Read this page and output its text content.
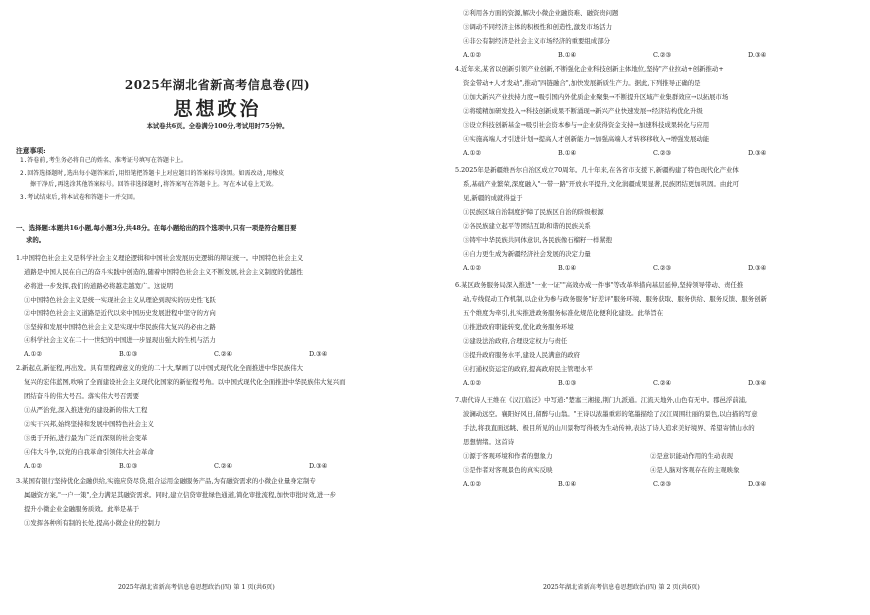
2025年湖北省新高考信息卷(四)
思想政治
本试卷共6页。全卷满分100分,考试用时75分钟。
注意事项:
1.答卷前,考生务必将自己的姓名、准考证号填写在答题卡上。
2.回答选择题时,选出每小题答案后,用铅笔把答题卡上对应题目的答案标号涂黑。如需改动,用橡皮
擦干净后,再选涂其他答案标号。回答非选择题时,将答案写在答题卡上。写在本试卷上无效。
3.考试结束后,将本试卷和答题卡一并交回。
一、选择题:本题共16小题,每小题3分,共48分。在每小题给出的四个选项中,只有一项是符合题目要
求的。
1.中国特色社会主义是科学社会主义理论逻辑和中国社会发展历史逻辑的辩证统一。中国特色社会主义
道路是中国人民在自己的奋斗实践中创造的,随着中国特色社会主义不断发展,社会主义制度的优越性
必将进一步发挥,我们的道路必将越走越宽广。这说明
①中国特色社会主义是统一实现社会主义从理论到现实的历史性飞跃
②中国特色社会主义道路是近代以来中国历史发展进程中坚守的方向
③坚持和发展中国特色社会主义是实现中华民族伟大复兴的必由之路
④科学社会主义在二十一世纪的中国进一步显现出强大的生机与活力
A.①②	B.①③	C.②④	D.③④
2.新起点,新征程,再出发。具有里程碑意义的党的二十大,擘画了以中国式现代化全面推进中华民族伟大
复兴的宏伟蓝图,吹响了全面建设社会主义现代化国家的新征程号角。以中国式现代化全面推进中华民族伟大复兴而
团结奋斗的伟大号召。落实伟大号召需要
①从严治党,深入推进党的建设新的伟大工程
②实干兴邦,始终坚持和发展中国特色社会主义
③勇于开拓,进行最为广泛而深刻的社会变革
④伟大斗争,以党的自我革命引领伟大社会革命
A.①②	B.①③	C.②④	D.③④
3.某国有银行坚持优化金融供给,实施应贷尽贷,组合运用金融服务产品,为有融资需求的小微企业量身定制专
属融资方案,"一户一策",全力满足其融资需求。同时,建立信贷审批绿色通道,简化审批流程,加快审批时效,进一步
提升小微企业金融服务质效。此举是基于
①发挥各种所有制的长处,提高小微企业的控制力
2025年湖北省新高考信息卷思想政治(四) 第 1 页(共6页)
②利用各方面的资源,解决小微企业融资难、融资贵问题
③调动不同经济主体的积极性和创造性,激发市场活力
④非公有制经济是社会主义市场经济的重要组成部分
A.①②	B.①④	C.②③	D.③④
4.近年来,某省以创新引领产业创新,不断强化企业科技创新主体地位,坚持"产业拉动+创新推动+
资金带动+人才发动",推动"四链融合",加快发展新质生产力。据此,下列推导正确的是
①加大新兴产业扶持力度→吸引国内外优质企业聚集→不断提升区域产业集群效应→以拓展市场
②将缆精加研发投入→科技创新成果不断涌现→新兴产业快速发展→经济结构优化升级
③设立科技创新基金→吸引社会资本参与→企业获得资金支持→加速科技成果转化与应用
④实施高端人才引进计划→提高人才创新能力→加强高端人才转移移收入→增强发展动能
A.①②	B.①④	C.②③	D.③④
5.2025年是新疆维吾尔自治区成立70周年。几十年来,在各省市支援下,新疆构建了特色现代化产业体
系,基础产业繁荣,深度融入"一带一路"开放水平提升,文化润疆成果显著,民族团结更加巩固。由此可
见,新疆的成就得益于
①民族区域自治制度护障了民族区自治的阶级根源
②各民族建立起平等团结互助和谐的民族关系
③铸牢中华民族共同体意识,各民族像石榴籽一样紧抱
④自力更生成为新疆经济社会发展的决定力量
A.①②	B.①④	C.②③	D.③④
6.某区政务服务局深入推进"一业一证""高效办成一件事"等改革举措向基层延伸,坚持领导带动、责任推
动,专线促动工作机制,以企业为参与政务服务"好差评"服务环境、服务获取、服务供给、服务反馈、服务创新
五个维度为牵引,扎实推进政务服务标准化规范化便利化建设。此举旨在
①推进政府职能转变,优化政务服务环境
②建设法治政府,合理设定权力与责任
③提升政府服务水平,建设人民满意的政府
④打通权资运定的政府,提高政府民主管理水平
A.①②	B.①③	C.②④	D.③④
7.唐代诗人王维在《汉江临泛》中写道:"楚塞三湘接,荆门九派通。江流天地外,山色有无中。郡邑浮前浦,
波澜动远空。襄阳好风日,留醉与山翁。"王诗以浓墨重彩的笔墨描绘了汉江周围壮丽的景色,以白描的写意
手法,将我直面远眺、极目所见的山川景物写得极为生动传神,表达了诗人追求美好境界、希望寄情山水的
思想情绪。这首诗
①源于客观环境和作者的想象力	②是意识能动作用的生动表现
③是作者对客观景色的真实反映	④是人脑对客观存在的主观映象
A.①②	B.①④	C.②③	D.③④
2025年湖北省新高考信息卷思想政治(四) 第 2 页(共6页)
